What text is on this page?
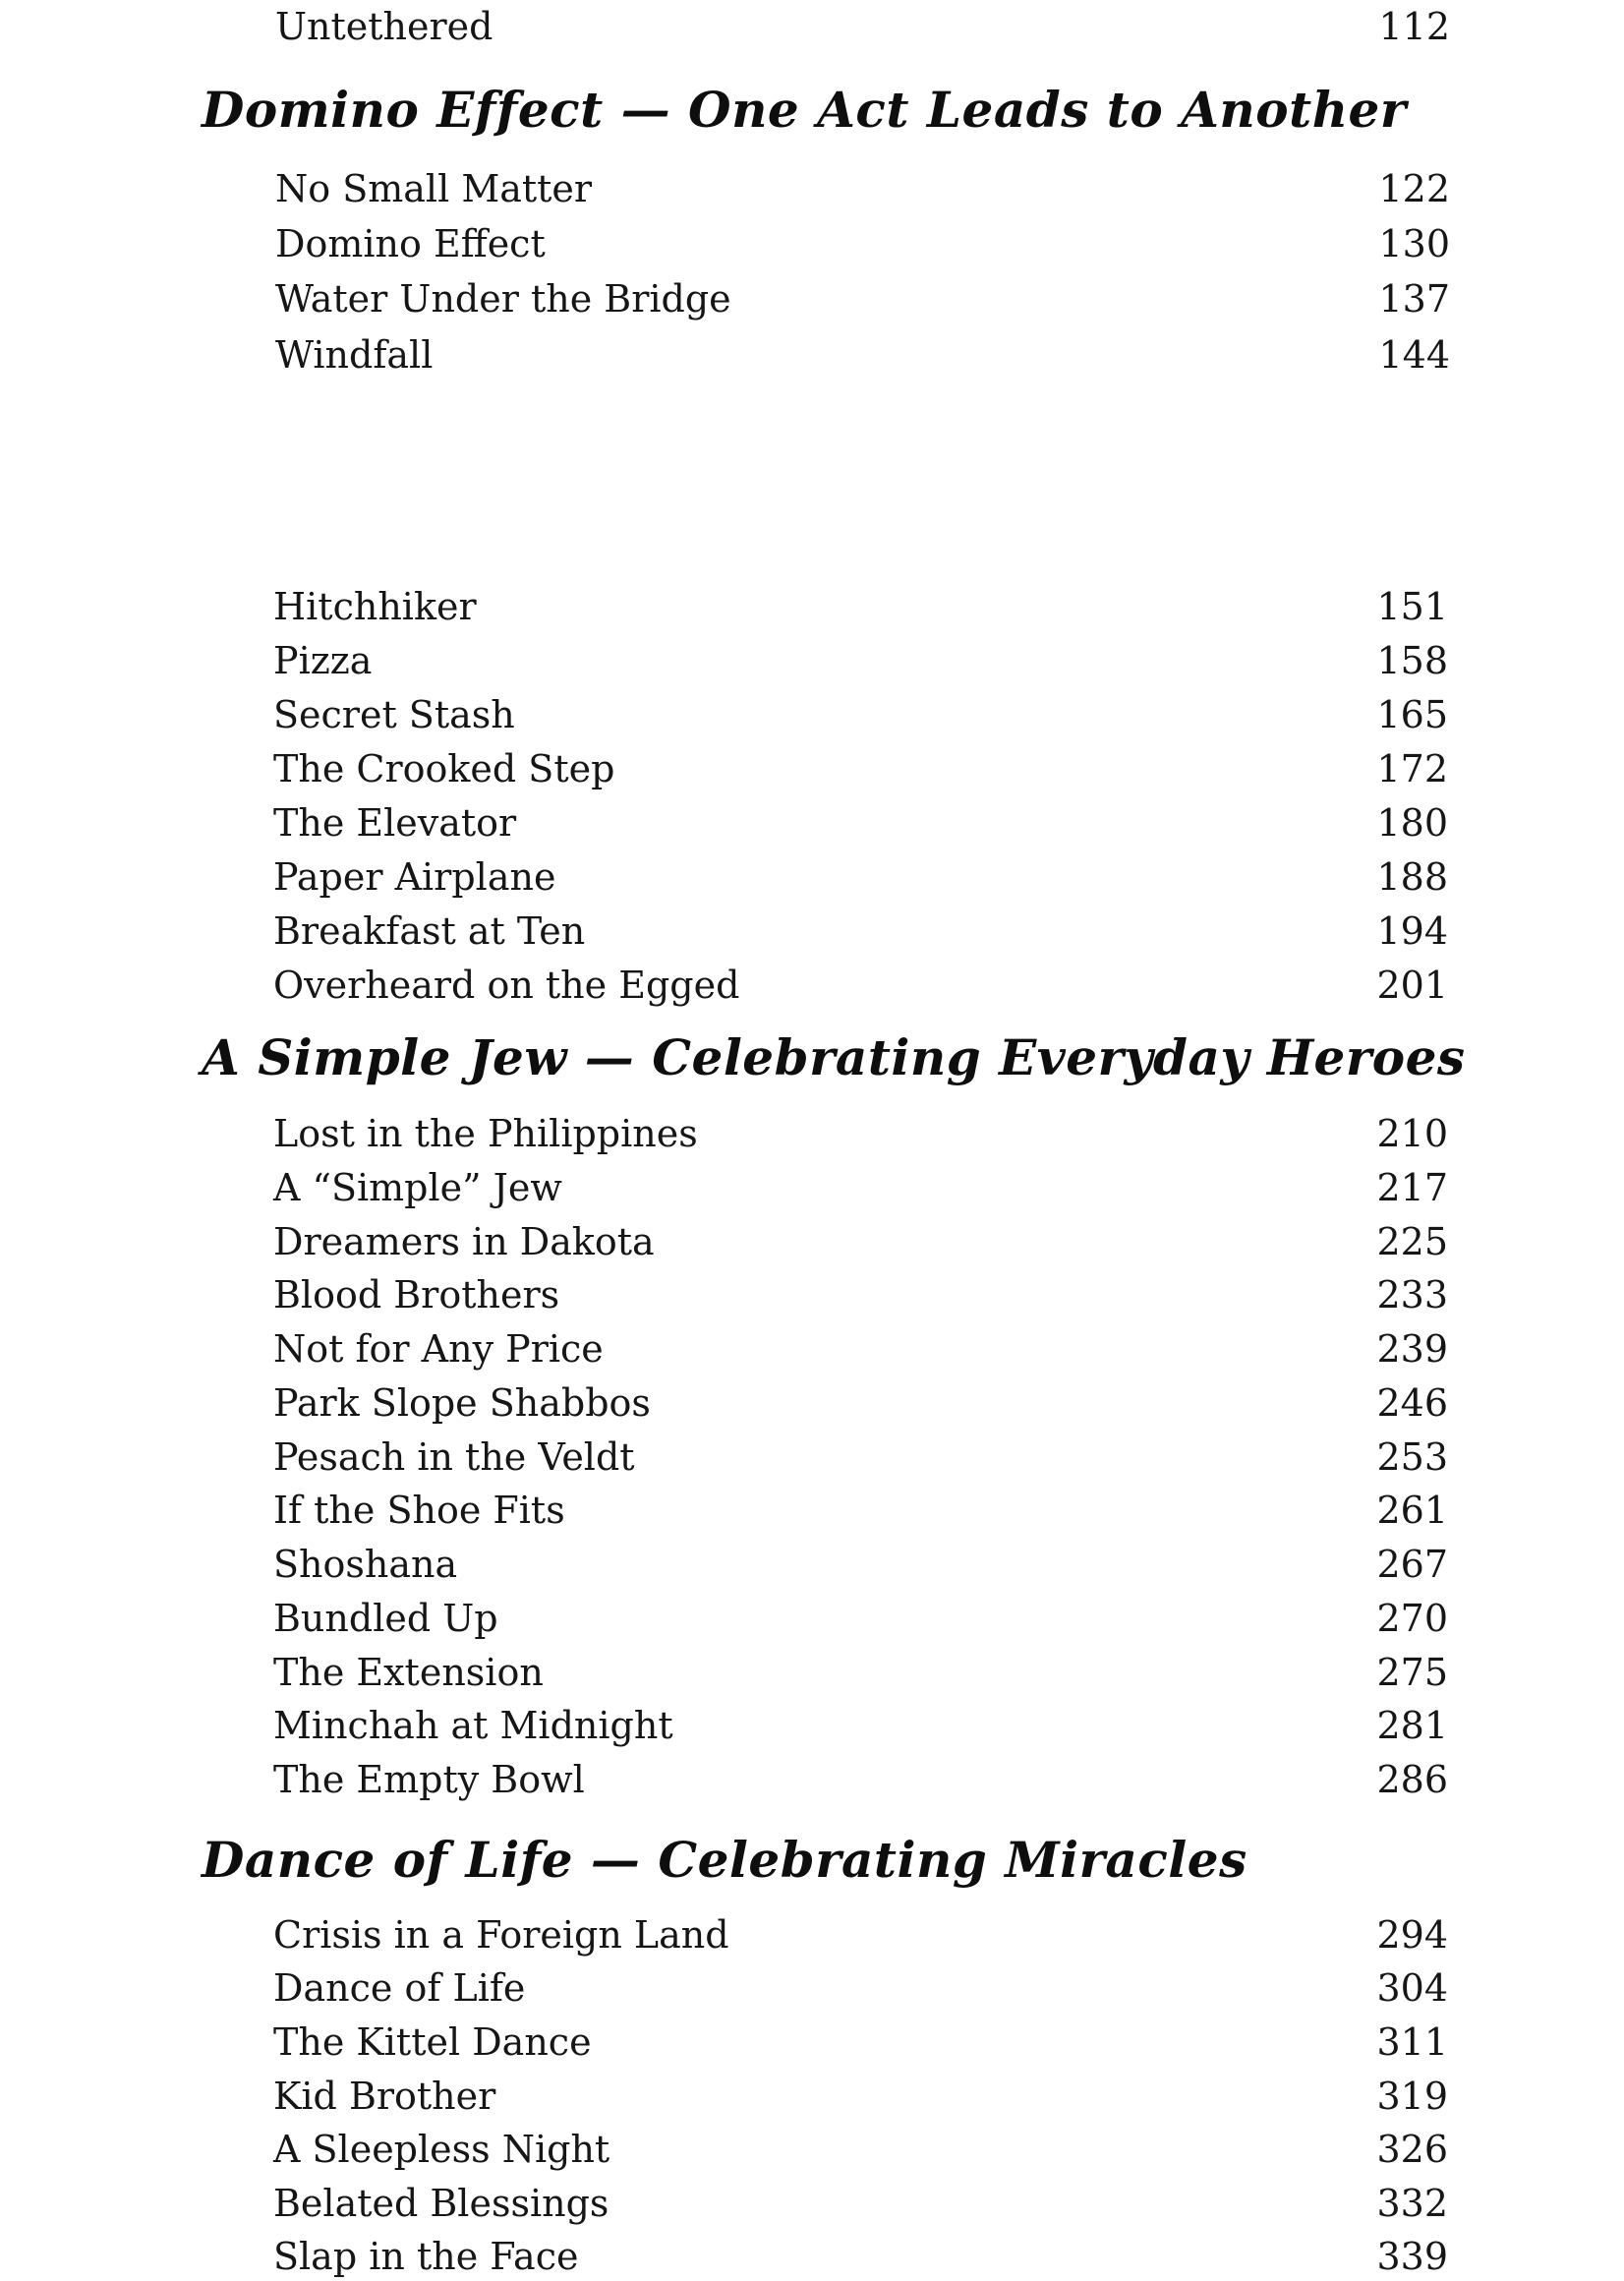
Untethered	112
Domino Effect — One Act Leads to Another
No Small Matter	122
Domino Effect	130
Water Under the Bridge	137
Windfall	144
Hitchhiker	151
Pizza	158
Secret Stash	165
The Crooked Step	172
The Elevator	180
Paper Airplane	188
Breakfast at Ten	194
Overheard on the Egged	201
A Simple Jew — Celebrating Everyday Heroes
Lost in the Philippines	210
A “Simple” Jew	217
Dreamers in Dakota	225
Blood Brothers	233
Not for Any Price	239
Park Slope Shabbos	246
Pesach in the Veldt	253
If the Shoe Fits	261
Shoshana	267
Bundled Up	270
The Extension	275
Minchah at Midnight	281
The Empty Bowl	286
Dance of Life — Celebrating Miracles
Crisis in a Foreign Land	294
Dance of Life	304
The Kittel Dance	311
Kid Brother	319
A Sleepless Night	326
Belated Blessings	332
Slap in the Face	339
